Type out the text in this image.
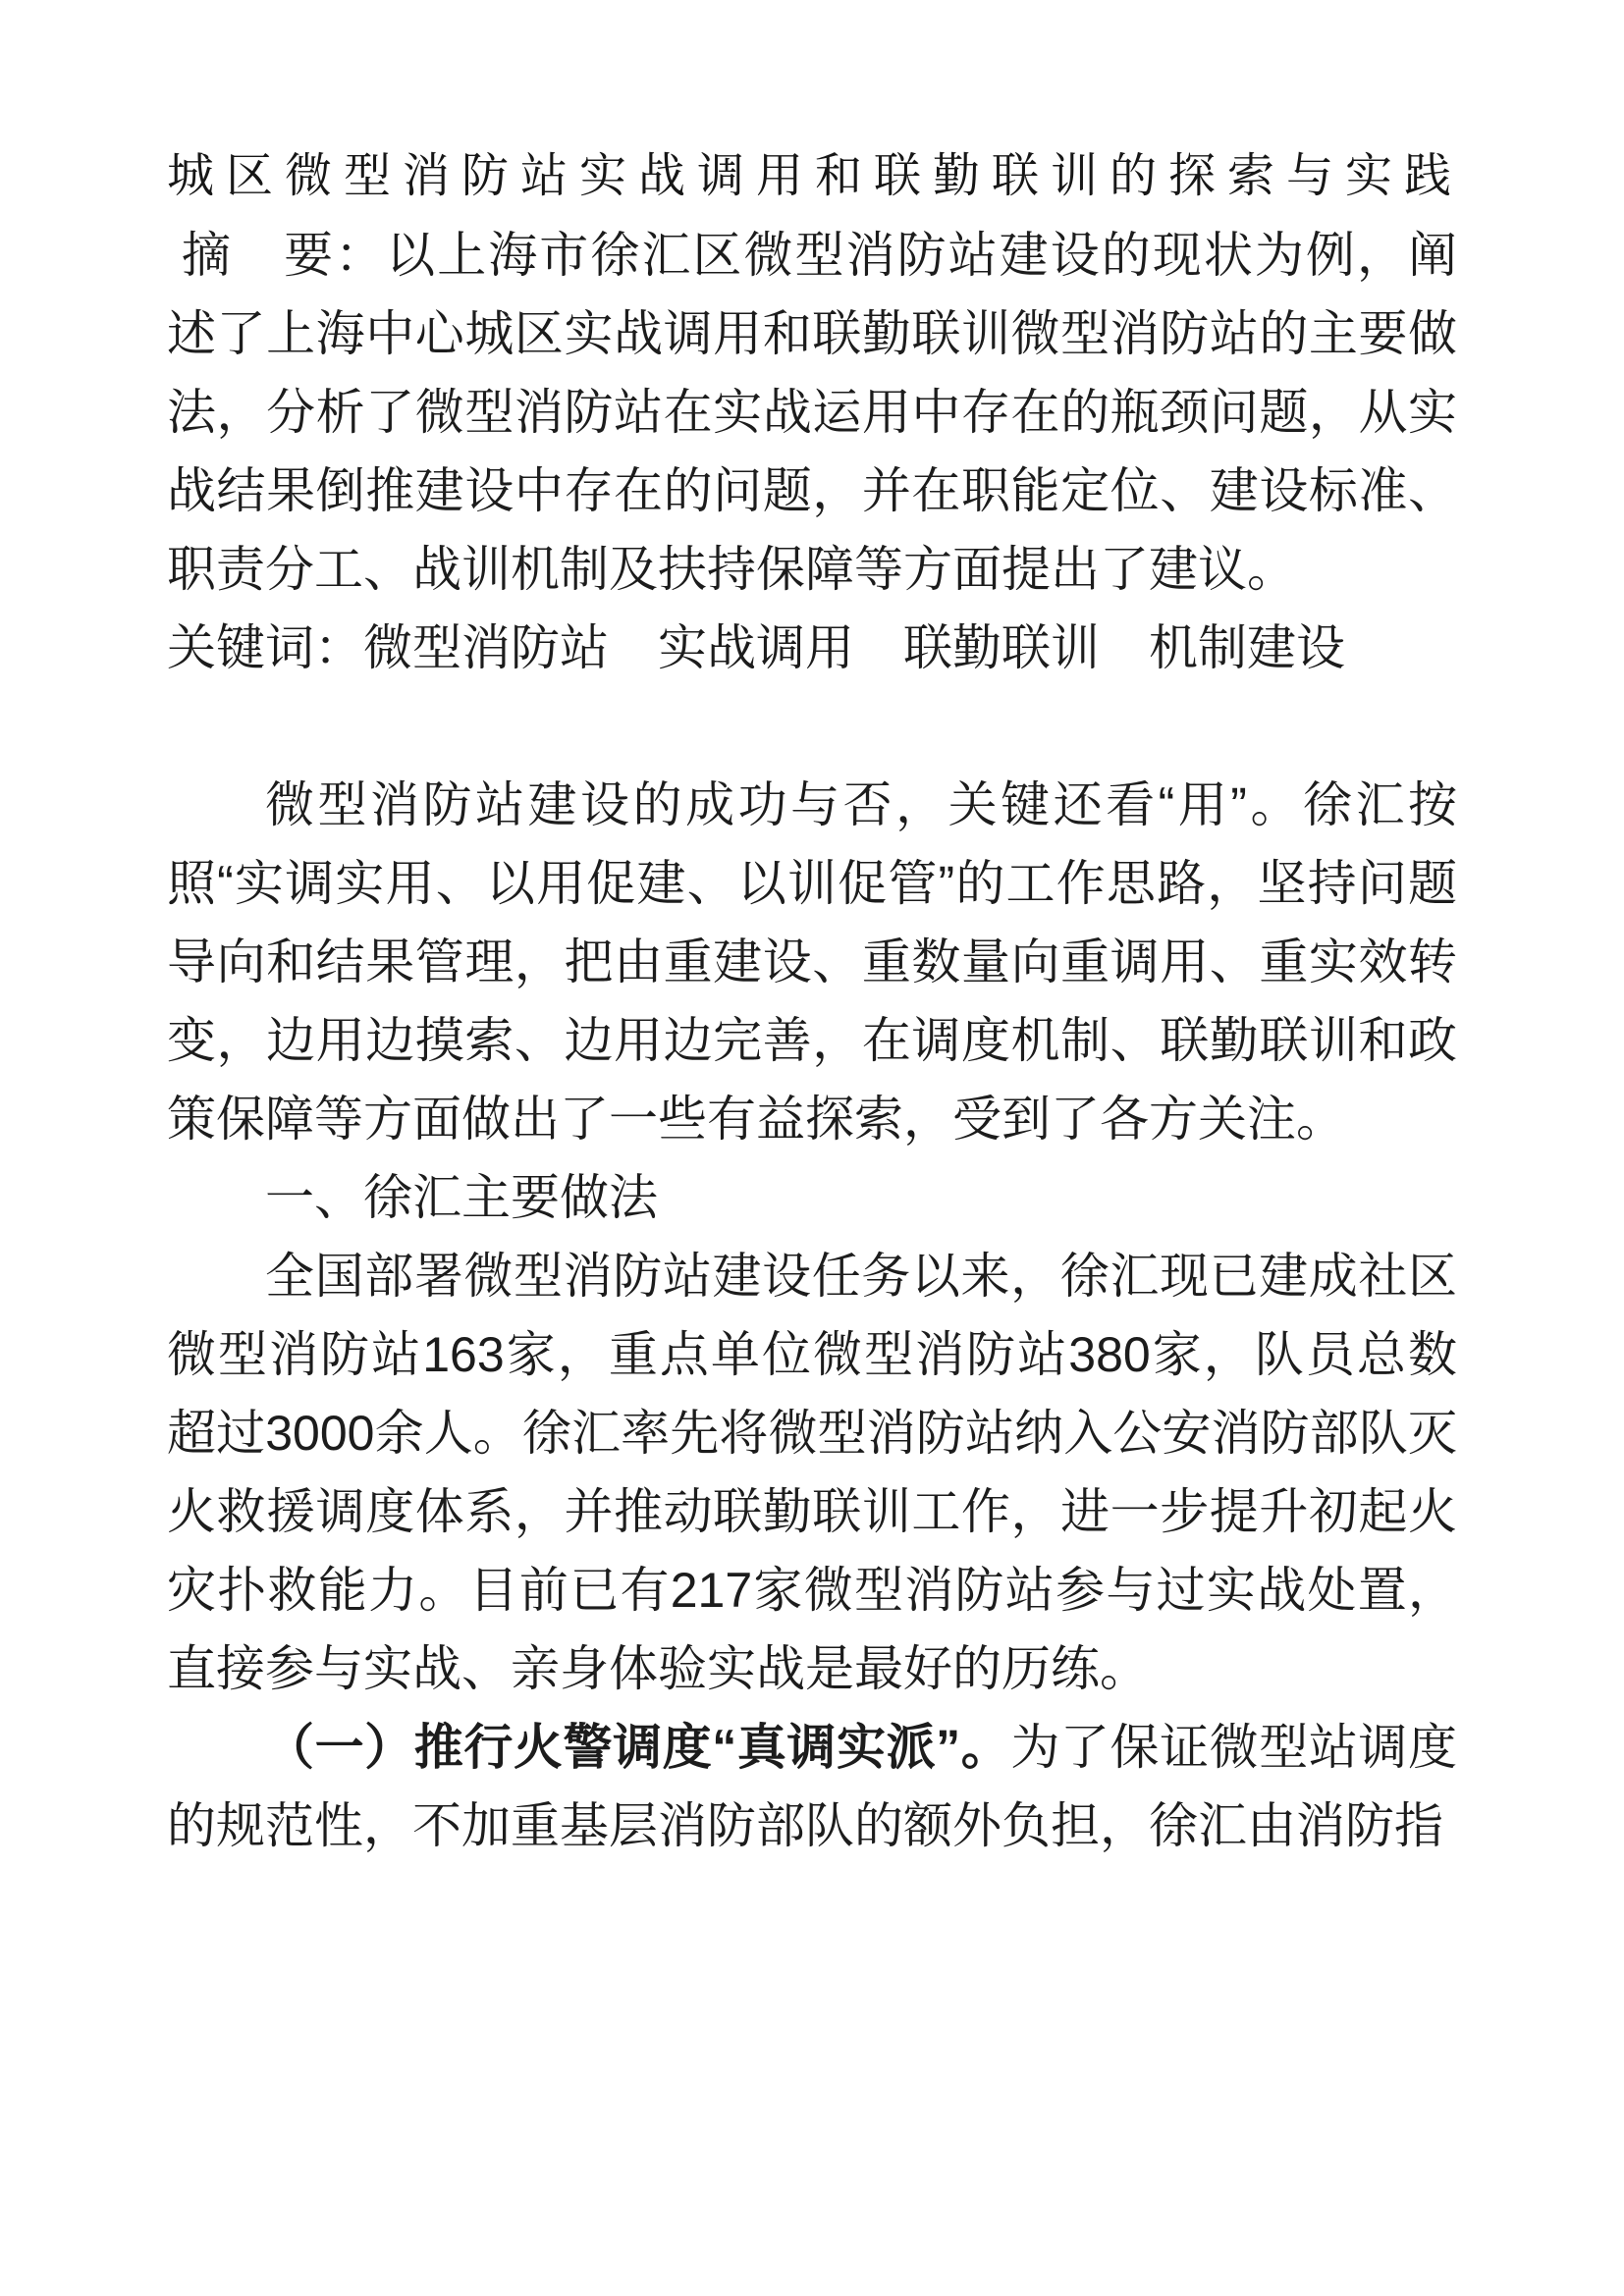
城区微型消防站实战调用和联勤联训的探索与实践

摘　要：以上海市徐汇区微型消防站建设的现状为例，阐述了上海中心城区实战调用和联勤联训微型消防站的主要做法，分析了微型消防站在实战运用中存在的瓶颈问题，从实战结果倒推建设中存在的问题，并在职能定位、建设标准、职责分工、战训机制及扶持保障等方面提出了建议。

关键词：微型消防站　实战调用　联勤联训　机制建设

微型消防站建设的成功与否，关键还看“用”。徐汇按照“实调实用、以用促建、以训促管”的工作思路，坚持问题导向和结果管理，把由重建设、重数量向重调用、重实效转变，边用边摸索、边用边完善，在调度机制、联勤联训和政策保障等方面做出了一些有益探索，受到了各方关注。

一、徐汇主要做法

全国部署微型消防站建设任务以来，徐汇现已建成社区微型消防站163家，重点单位微型消防站380家，队员总数超过3000余人。徐汇率先将微型消防站纳入公安消防部队灭火救援调度体系，并推动联勤联训工作，进一步提升初起火灾扑救能力。目前已有217家微型消防站参与过实战处置，直接参与实战、亲身体验实战是最好的历练。

（一）推行火警调度“真调实派”。为了保证微型站调度的规范性，不加重基层消防部队的额外负担，徐汇由消防指
